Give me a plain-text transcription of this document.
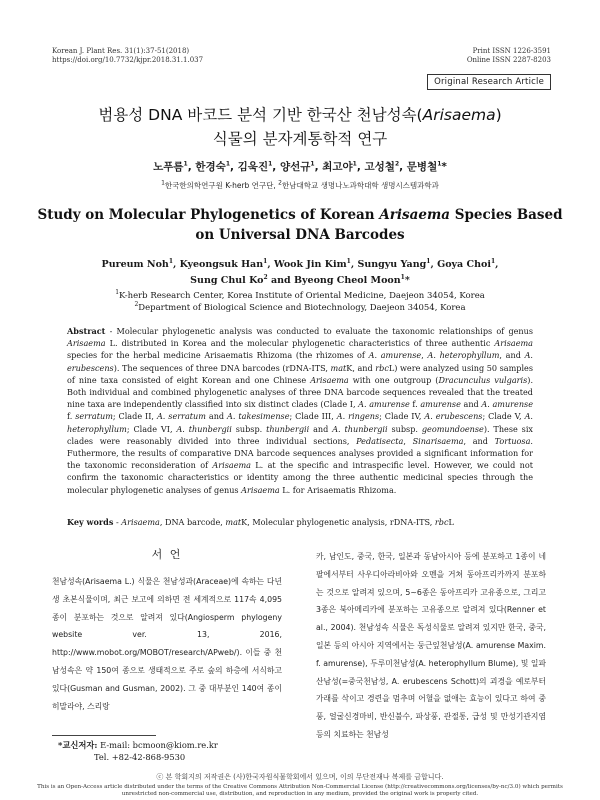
Korean J. Plant Res. 31(1):37-51(2018)
https://doi.org/10.7732/kjpr.2018.31.1.037
Print ISSN 1226-3591
Online ISSN 2287-8203
Original Research Article
범용성 DNA 바코드 분석 기반 한국산 천남성속(Arisaema)
식물의 분자계통학적 연구
노푸름$^1$, 한경숙$^1$, 김욱진$^1$, 양선규$^1$, 최고야$^1$, 고성철$^2$, 문병철$^1$*
$^1$한국한의학연구원 K-herb 연구단, $^2$한남대학교 생명나노과학대학 생명시스템과학과
Study on Molecular Phylogenetics of Korean Arisaema Species Based
on Universal DNA Barcodes
Pureum Noh$^1$, Kyeongsuk Han$^1$, Wook Jin Kim$^1$, Sungyu Yang$^1$, Goya Choi$^1$,
Sung Chul Ko$^2$ and Byeong Cheol Moon$^1$*
$^1$K-herb Research Center, Korea Institute of Oriental Medicine, Daejeon 34054, Korea
$^2$Department of Biological Science and Biotechnology, Daejeon 34054, Korea
Abstract - Molecular phylogenetic analysis was conducted to evaluate the taxonomic relationships of genus Arisaema L. distributed in Korea and the molecular phylogenetic characteristics of three authentic Arisaema species for the herbal medicine Arisaematis Rhizoma (the rhizomes of A. amurense, A. heterophyllum, and A. erubescens). The sequences of three DNA barcodes (rDNA-ITS, matK, and rbcL) were analyzed using 50 samples of nine taxa consisted of eight Korean and one Chinese Arisaema with one outgroup (Dracunculus vulgaris). Both individual and combined phylogenetic analyses of three DNA barcode sequences revealed that the treated nine taxa are independently classified into six distinct clades (Clade I, A. amurense f. amurense and A. amurense f. serratum; Clade II, A. serratum and A. takesimense; Clade III, A. ringens; Clade IV, A. erubescens; Clade V, A. heterophyllum; Clade VI, A. thunbergii subsp. thunbergii and A. thunbergii subsp. geomundoense). These six clades were reasonably divided into three individual sections, Pedatisecta, Sinarisaema, and Tortuosa. Futhermore, the results of comparative DNA barcode sequences analyses provided a significant information for the taxonomic reconsideration of Arisaema L. at the specific and intraspecific level. However, we could not confirm the taxonomic characteristics or identity among the three authentic medicinal species through the molecular phylogenetic analyses of genus Arisaema L. for Arisaematis Rhizoma.
Key words - Arisaema, DNA barcode, matK, Molecular phylogenetic analysis, rDNA-ITS, rbcL
서 언
천남성속(Arisaema L.) 식물은 천남성과(Araceae)에 속하는 다년생 초본식물이며, 최근 보고에 의하면 전 세계적으로 117속 4,095종이 분포하는 것으로 알려져 있다(Angiosperm phylogeny website ver. 13, 2016, http://www.mobot.org/MOBOT/research/APweb/). 이들 중 천남성속은 약 150여 종으로 생태적으로 주로 숲의 하층에 서식하고 있다(Gusman and Gusman, 2002). 그 중 대부분인 140여 종이 히말라야, 스리랑
카, 남인도, 중국, 한국, 일본과 동남아시아 등에 분포하고 1종이 네팔에서부터 사우디아라비아와 오멘을 거쳐 동아프리카까지 분포하는 것으로 알려져 있으며, 5~6종은 동아프리카 고유종으로, 그리고 3종은 북아메리카에 분포하는 고유종으로 알려져 있다(Renner et al., 2004). 천남성속 식물은 독성식물로 알려져 있지만 한국, 중국, 일본 등의 아시아 지역에서는 둥근잎천남성(A. amurense Maxim. f. amurense), 두루미천남성(A. heterophyllum Blume), 및 일파산남성(=중국천남성, A. erubescens Schott)의 괴경을 예로부터 가래를 삭이고 경련을 멈추며 어혈을 없애는 효능이 있다고 하여 중풍, 얼굴신경마비, 반신불수, 파상풍, 관절통, 급성 및 만성기관지염 등의 치료하는 천남성
*교신저자: E-mail: bcmoon@kiom.re.kr
Tel. +82-42-868-9530
ⓒ 본 학회지의 저작권은 (사)한국자원식물학회에서 있으며, 이의 무단전재나 복제를 금합니다.
This is an Open-Access article distributed under the terms of the Creative Commons Attribution Non-Commercial License (http://creativecommons.org/licenses/by-nc/3.0) which permits unrestricted non-commercial use, distribution, and reproduction in any medium, provided the original work is properly cited.
